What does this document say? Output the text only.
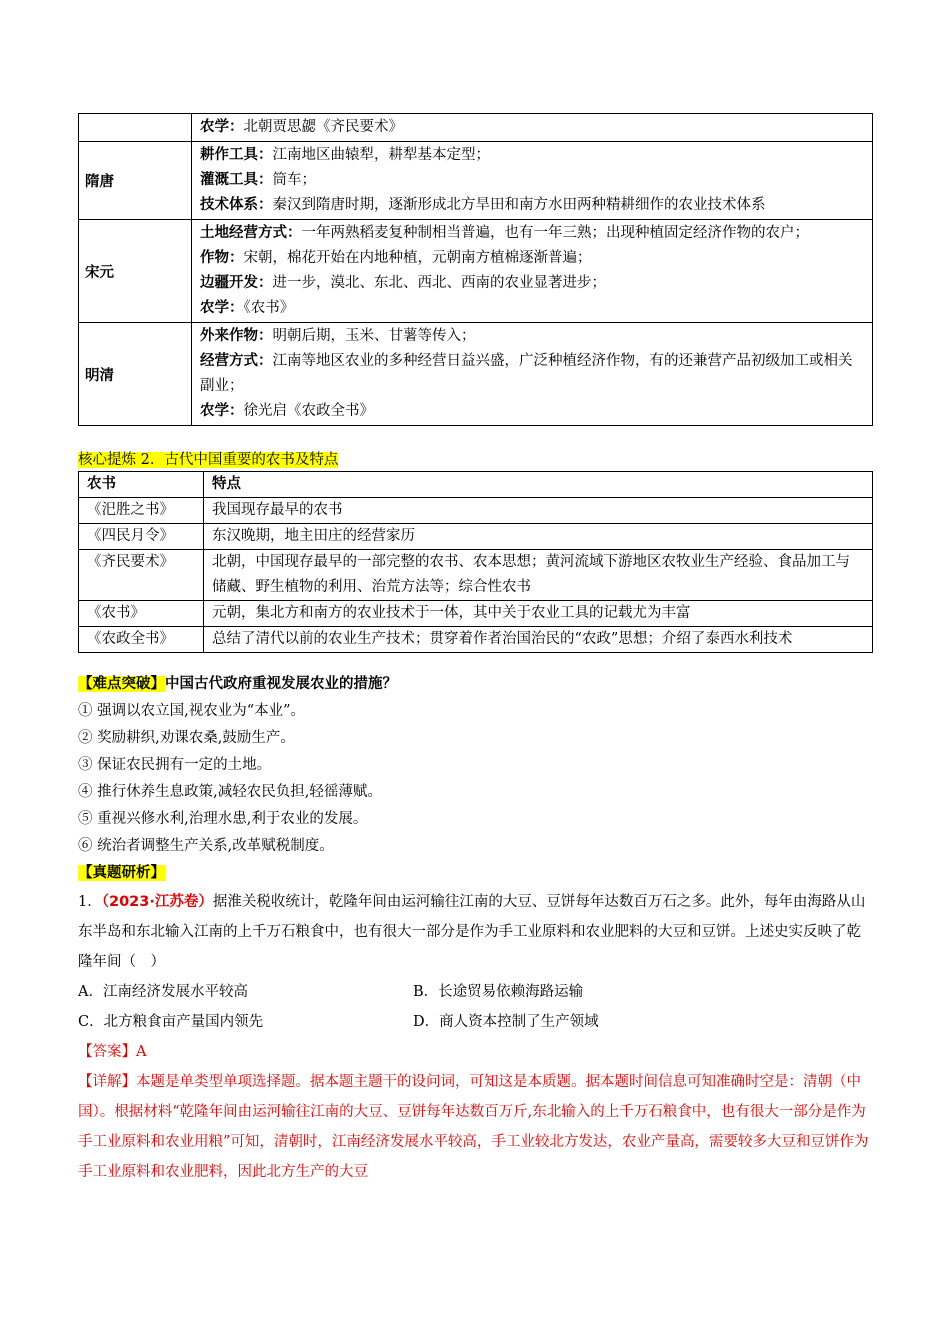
	农学：北朝贾思勰《齐民要术》

隋唐	耕作工具：江南地区曲辕犁，耕犁基本定型；
灌溉工具：筒车；
技术体系：秦汉到隋唐时期，逐渐形成北方旱田和南方水田两种精耕细作的农业技术体系

宋元	土地经营方式：一年两熟稻麦复种制相当普遍，也有一年三熟；出现种植固定经济作物的农户；
作物：宋朝，棉花开始在内地种植，元朝南方植棉逐渐普遍；
边疆开发：进一步，漠北、东北、西北、西南的农业显著进步；
农学：《农书》

明清	外来作物：明朝后期，玉米、甘薯等传入；
经营方式：江南等地区农业的多种经营日益兴盛，广泛种植经济作物，有的还兼营产品初级加工或相关副业；
农学：徐光启《农政全书》
核心提炼 2．古代中国重要的农书及特点
农书	特点
《汜胜之书》	我国现存最早的农书
《四民月令》	东汉晚期，地主田庄的经营家历
《齐民要术》	北朝，中国现存最早的一部完整的农书、农本思想；黄河流域下游地区农牧业生产经验、食品加工与储藏、野生植物的利用、治荒方法等；综合性农书
《农书》	元朝，集北方和南方的农业技术于一体，其中关于农业工具的记载尤为丰富
《农政全书》	总结了清代以前的农业生产技术；贯穿着作者治国治民的“农政”思想；介绍了泰西水利技术
【难点突破】中国古代政府重视发展农业的措施？
① 强调以农立国,视农业为“本业”。
② 奖励耕织,劝课农桑,鼓励生产。
③ 保证农民拥有一定的土地。
④ 推行休养生息政策,减轻农民负担,轻徭薄赋。
⑤ 重视兴修水利,治理水患,利于农业的发展。
⑥ 统治者调整生产关系,改革赋税制度。
【真题研析】
1．（2023·江苏卷）据淮关税收统计，乾隆年间由运河输往江南的大豆、豆饼每年达数百万石之多。此外，每年由海路从山东半岛和东北输入江南的上千万石粮食中，也有很大一部分是作为手工业原料和农业肥料的大豆和豆饼。上述史实反映了乾隆年间（　）
A．江南经济发展水平较高	B．长途贸易依赖海路运输
C．北方粮食亩产量国内领先	D．商人资本控制了生产领域
【答案】A
【详解】本题是单类型单项选择题。据本题主题干的设问词，可知这是本质题。据本题时间信息可知准确时空是：清朝（中国）。根据材料“乾隆年间由运河输往江南的大豆、豆饼每年达数百万斤,东北输入的上千万石粮食中，也有很大一部分是作为手工业原料和农业用粮”可知，清朝时，江南经济发展水平较高，手工业较北方发达，农业产量高，需要较多大豆和豆饼作为手工业原料和农业肥料，因此北方生产的大豆
